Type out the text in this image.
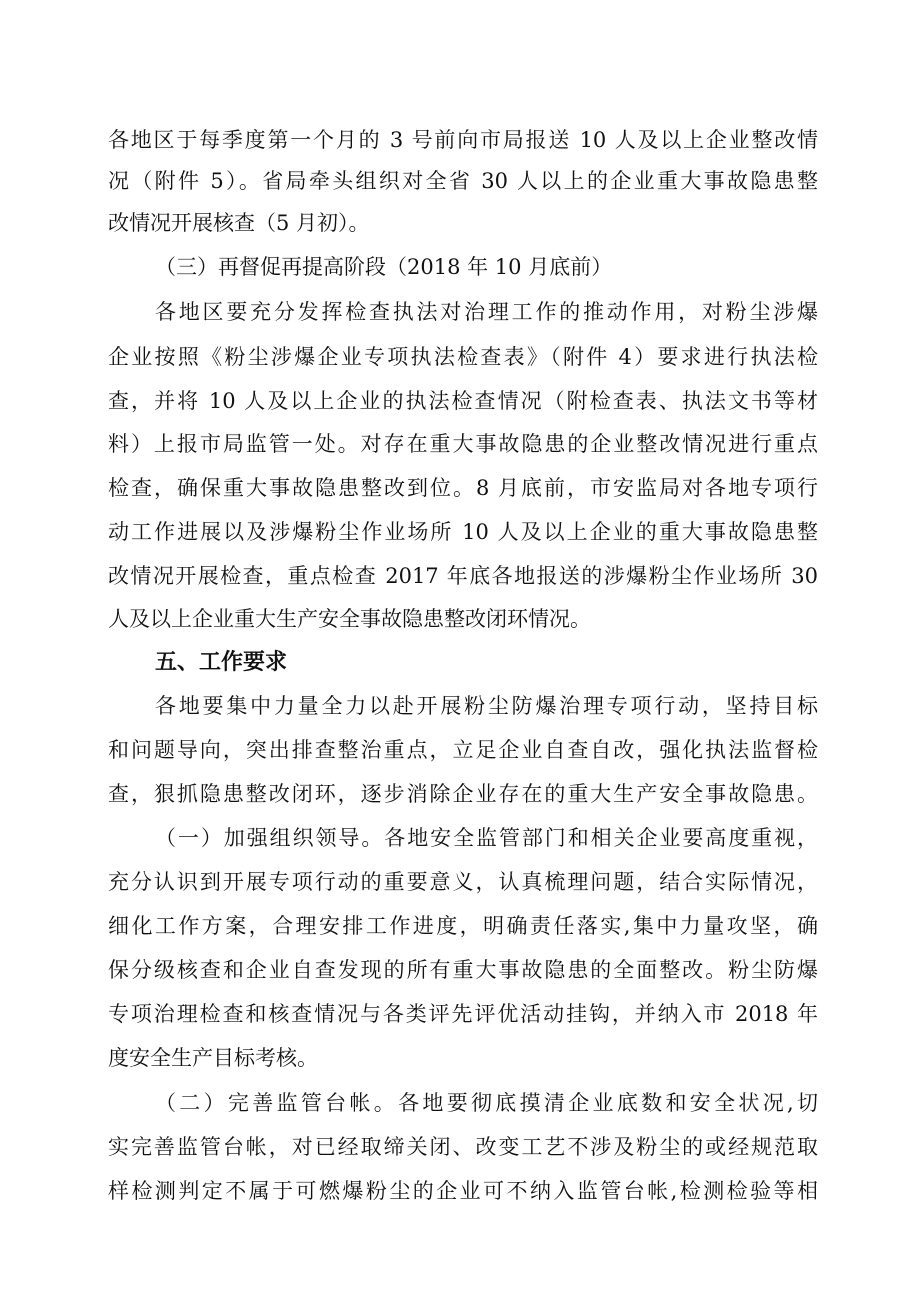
各地区于每季度第一个月的 3 号前向市局报送 10 人及以上企业整改情
况（附件 5）。省局牵头组织对全省 30 人以上的企业重大事故隐患整
改情况开展核查（5 月初）。
（三）再督促再提高阶段（2018 年 10 月底前）
各地区要充分发挥检查执法对治理工作的推动作用，对粉尘涉爆
企业按照《粉尘涉爆企业专项执法检查表》（附件 4）要求进行执法检
查，并将 10 人及以上企业的执法检查情况（附检查表、执法文书等材
料）上报市局监管一处。对存在重大事故隐患的企业整改情况进行重点
检查，确保重大事故隐患整改到位。8 月底前，市安监局对各地专项行
动工作进展以及涉爆粉尘作业场所 10 人及以上企业的重大事故隐患整
改情况开展检查，重点检查 2017 年底各地报送的涉爆粉尘作业场所 30
人及以上企业重大生产安全事故隐患整改闭环情况。
五、工作要求
各地要集中力量全力以赴开展粉尘防爆治理专项行动，坚持目标
和问题导向，突出排查整治重点，立足企业自查自改，强化执法监督检
查，狠抓隐患整改闭环，逐步消除企业存在的重大生产安全事故隐患。
（一）加强组织领导。各地安全监管部门和相关企业要高度重视，
充分认识到开展专项行动的重要意义，认真梳理问题，结合实际情况，
细化工作方案，合理安排工作进度，明确责任落实,集中力量攻坚，确
保分级核查和企业自查发现的所有重大事故隐患的全面整改。粉尘防爆
专项治理检查和核查情况与各类评先评优活动挂钩，并纳入市 2018 年
度安全生产目标考核。
（二）完善监管台帐。各地要彻底摸清企业底数和安全状况,切
实完善监管台帐，对已经取缔关闭、改变工艺不涉及粉尘的或经规范取
样检测判定不属于可燃爆粉尘的企业可不纳入监管台帐,检测检验等相
